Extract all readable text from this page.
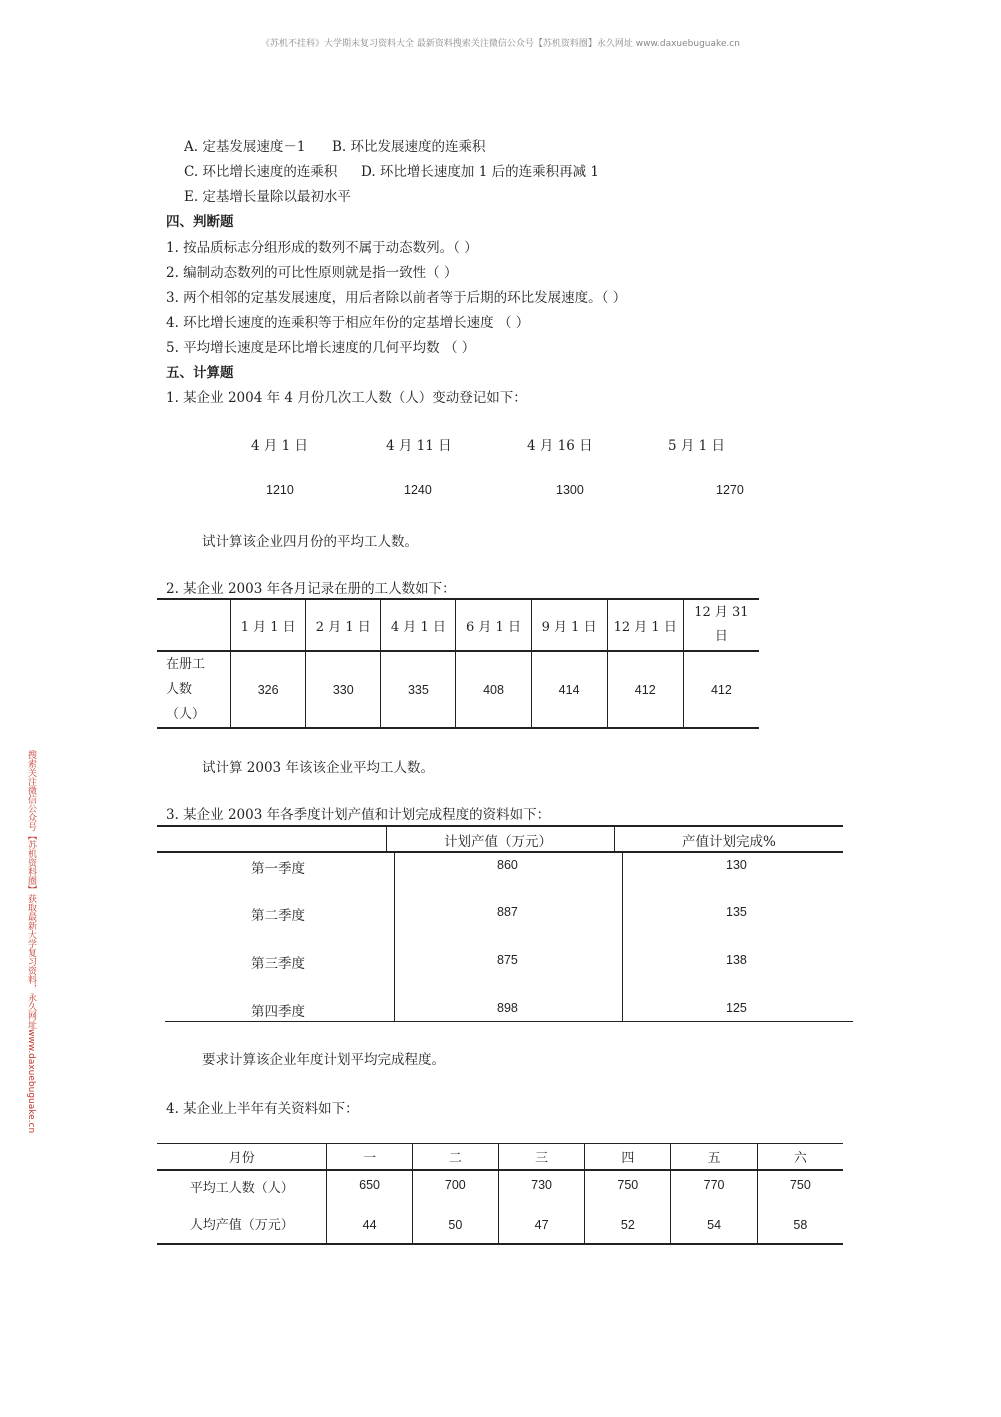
《苏机不挂科》大学期末复习资料大全 最新资料搜索关注微信公众号【苏机资料圈】永久网址 www.daxuebuguake.cn
搜索关注微信公众号【苏机资料圈】获取最新大学复习资料，永久网址www.daxuebuguake.cn
A. 定基发展速度－1 B. 环比发展速度的连乘积
C. 环比增长速度的连乘积 D. 环比增长速度加 1 后的连乘积再减 1
E. 定基增长量除以最初水平
四、判断题
1. 按品质标志分组形成的数列不属于动态数列。（ ）
2. 编制动态数列的可比性原则就是指一致性（ ）
3. 两个相邻的定基发展速度，用后者除以前者等于后期的环比发展速度。（ ）
4. 环比增长速度的连乘积等于相应年份的定基增长速度 （ ）
5. 平均增长速度是环比增长速度的几何平均数 （ ）
五、计算题
1. 某企业 2004 年 4 月份几次工人数（人）变动登记如下：
4 月 1 日	4 月 11 日	4 月 16 日	5 月 1 日
1210	1240	1300	1270
试计算该企业四月份的平均工人数。
2. 某企业 2003 年各月记录在册的工人数如下：
	1 月 1 日	2 月 1 日	4 月 1 日	6 月 1 日	9 月 1 日	12 月 1 日	12 月 31
日

在册工
人数
（人）	326	330	335	408	414	412	412
试计算 2003 年该该企业平均工人数。
3. 某企业 2003 年各季度计划产值和计划完成程度的资料如下：
计划产值（万元）	产值计划完成%
第一季度	860	130
第二季度	887	135
第三季度	875	138
第四季度	898	125
要求计算该企业年度计划平均完成程度。
4. 某企业上半年有关资料如下：
月份	一	二	三	四	五	六
平均工人数（人）	650	700	730	750	770	750
人均产值（万元）	44	50	47	52	54	58
